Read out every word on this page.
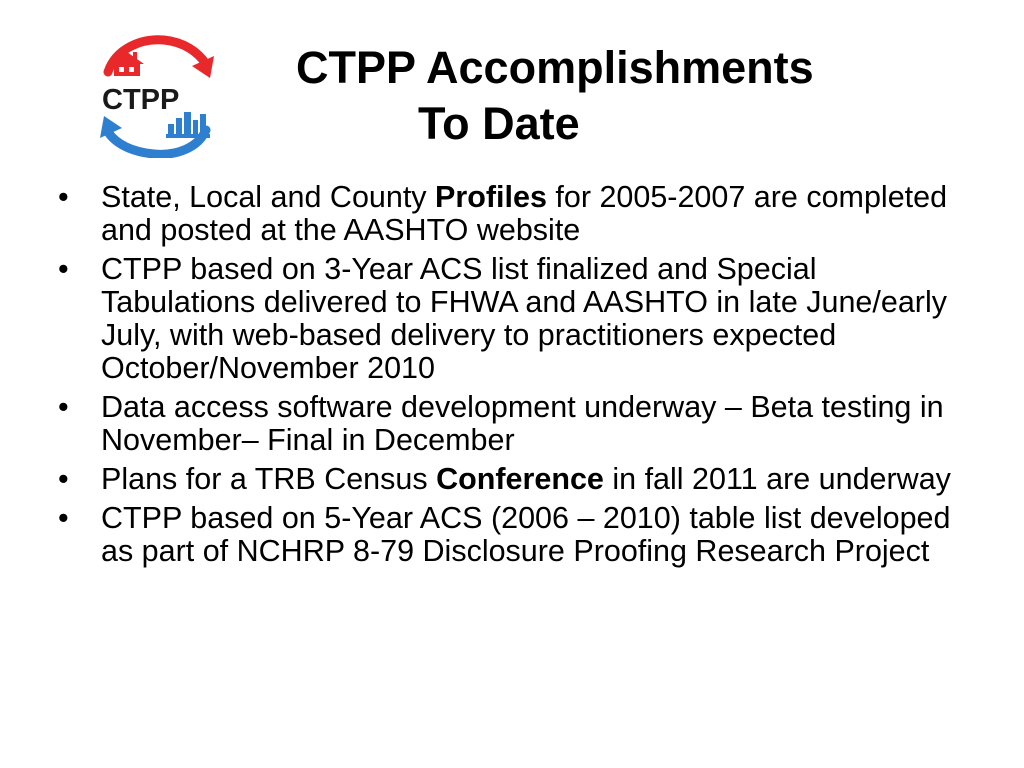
CTPP
CTPP Accomplishments
To Date
• State, Local and County Profiles for 2005-2007 are completed and posted at the AASHTO website
• CTPP based on 3-Year ACS list finalized and Special Tabulations delivered to FHWA and AASHTO in late June/early July, with web-based delivery to practitioners expected October/November 2010
• Data access software development underway – Beta testing in November– Final in December
• Plans for a TRB Census Conference in fall 2011 are underway
• CTPP based on 5-Year ACS (2006 – 2010) table list developed as part of NCHRP 8-79 Disclosure Proofing Research Project
